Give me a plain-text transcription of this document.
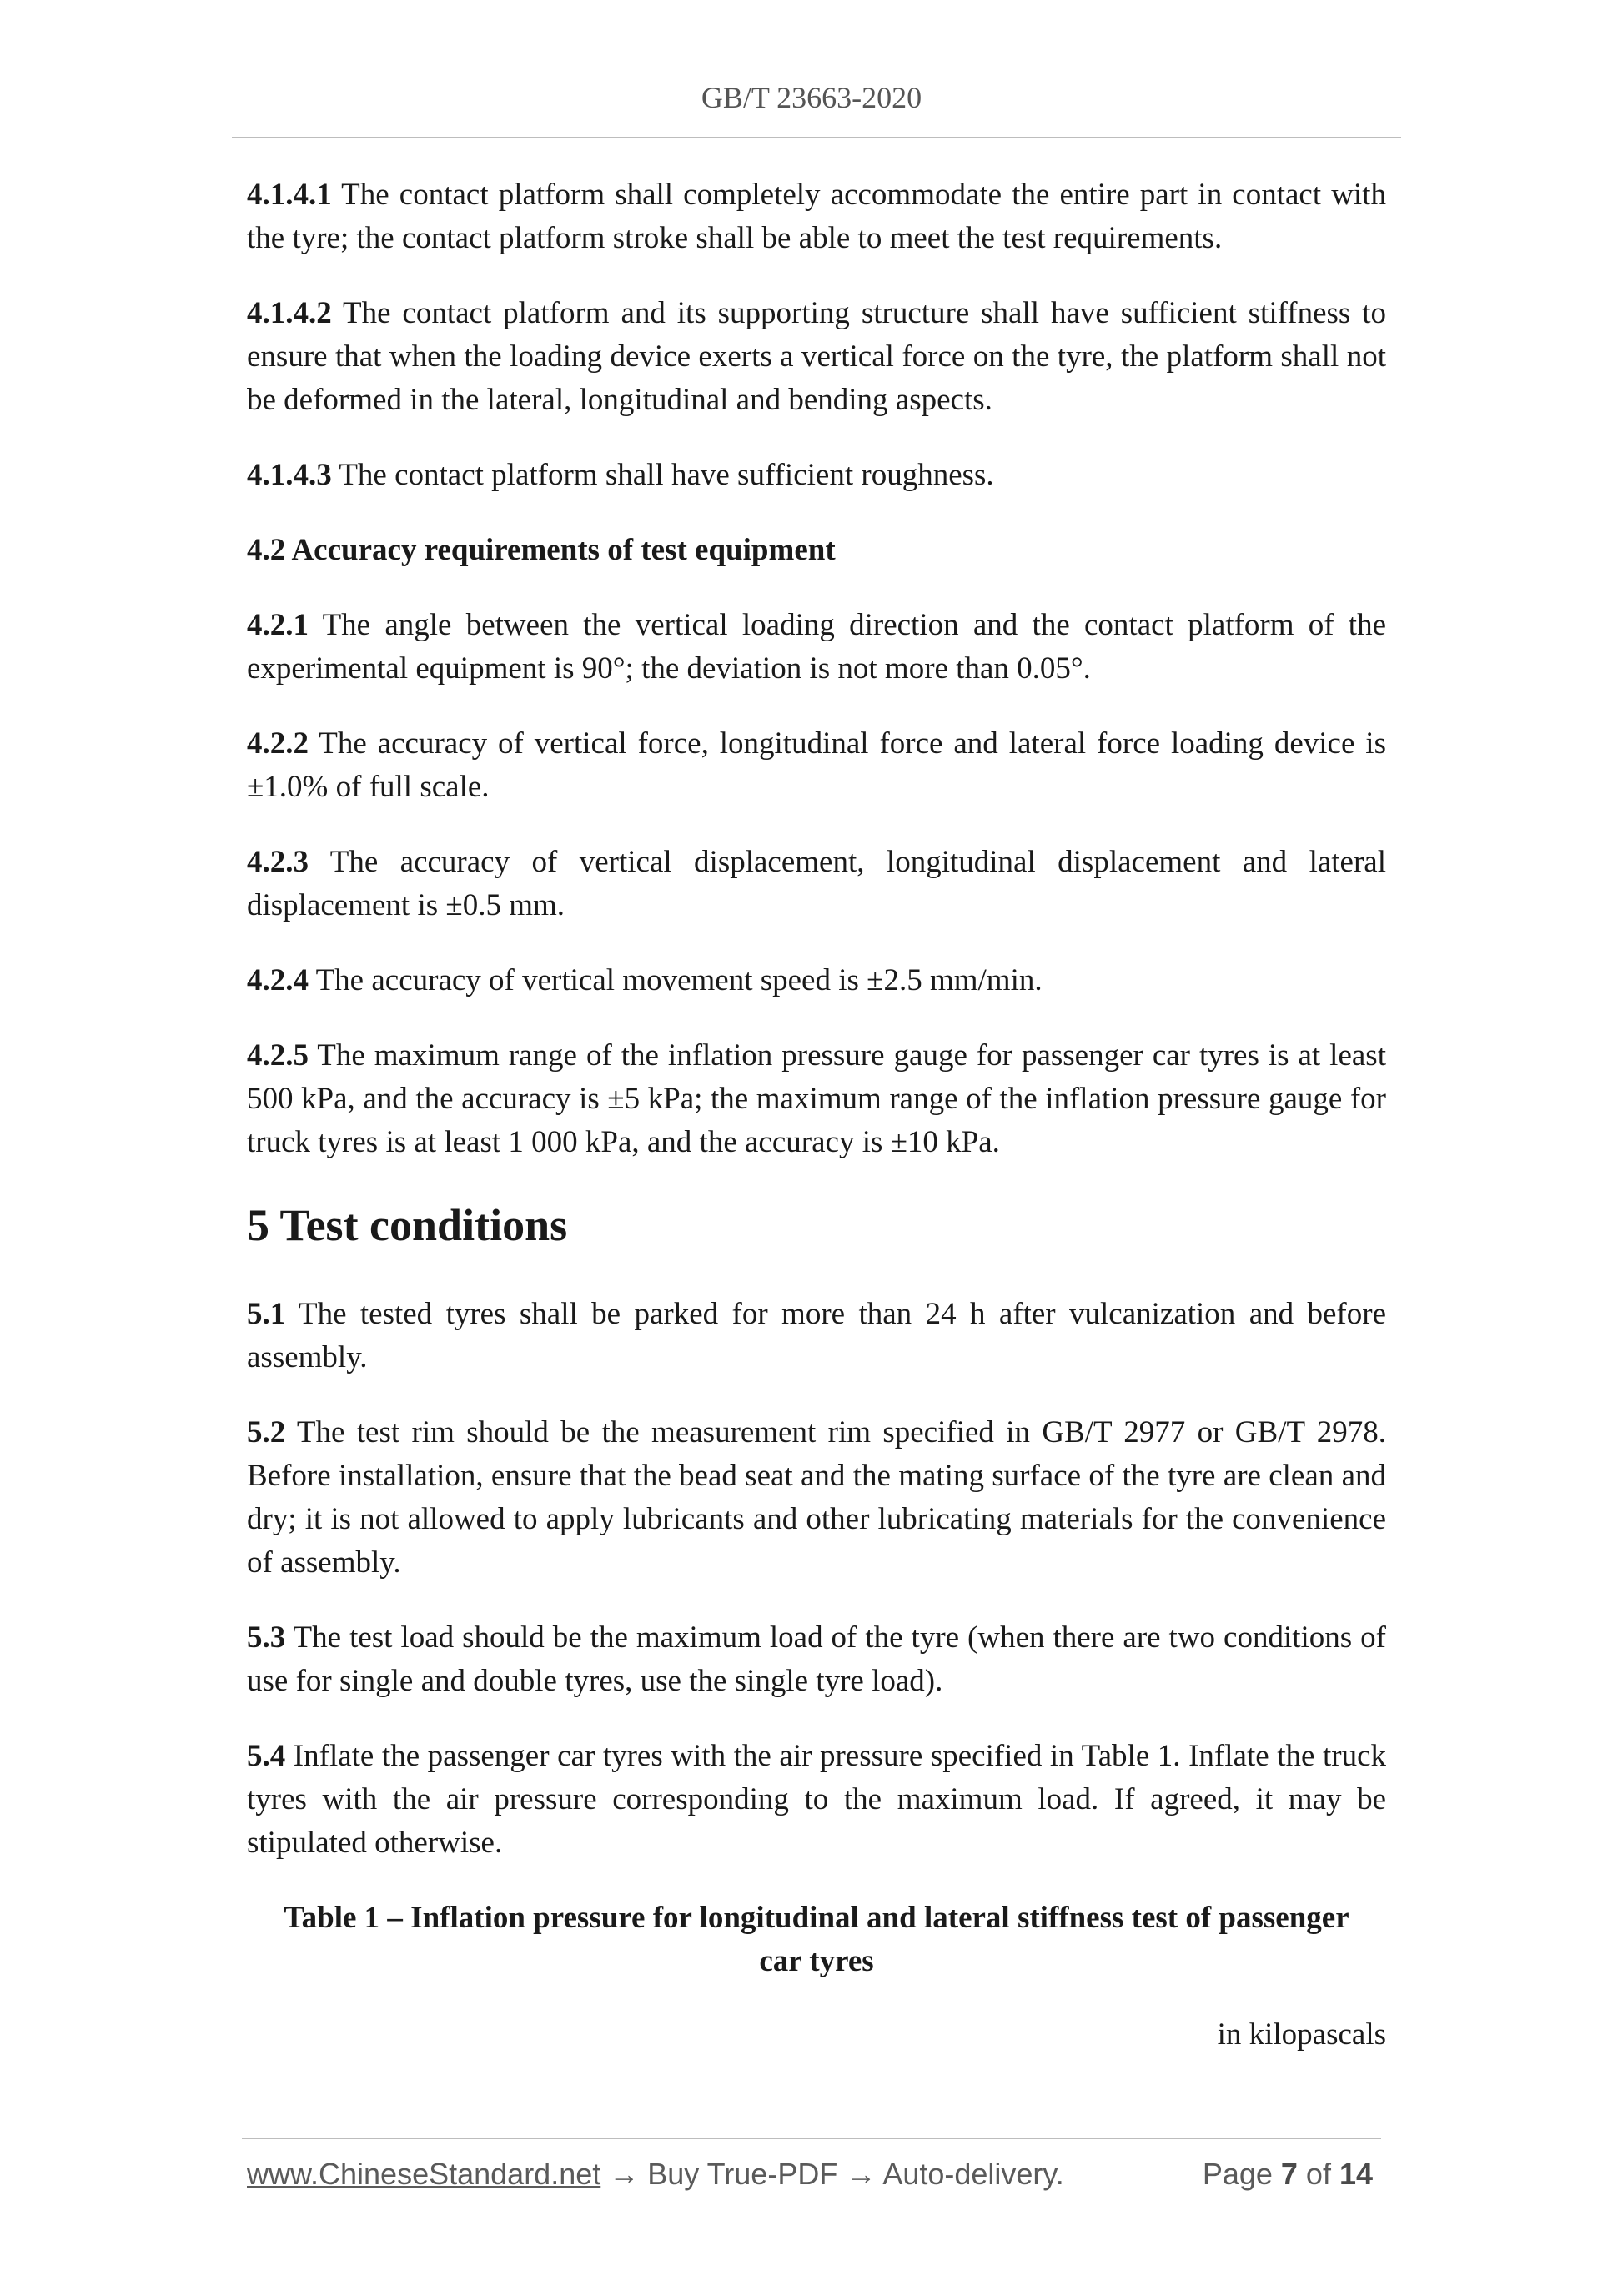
GB/T 23663-2020

4.1.4.1 The contact platform shall completely accommodate the entire part in contact with the tyre; the contact platform stroke shall be able to meet the test requirements.

4.1.4.2 The contact platform and its supporting structure shall have sufficient stiffness to ensure that when the loading device exerts a vertical force on the tyre, the platform shall not be deformed in the lateral, longitudinal and bending aspects.

4.1.4.3 The contact platform shall have sufficient roughness.

4.2 Accuracy requirements of test equipment

4.2.1 The angle between the vertical loading direction and the contact platform of the experimental equipment is 90°; the deviation is not more than 0.05°.

4.2.2 The accuracy of vertical force, longitudinal force and lateral force loading device is ±1.0% of full scale.

4.2.3 The accuracy of vertical displacement, longitudinal displacement and lateral displacement is ±0.5 mm.

4.2.4 The accuracy of vertical movement speed is ±2.5 mm/min.

4.2.5 The maximum range of the inflation pressure gauge for passenger car tyres is at least 500 kPa, and the accuracy is ±5 kPa; the maximum range of the inflation pressure gauge for truck tyres is at least 1 000 kPa, and the accuracy is ±10 kPa.

5 Test conditions

5.1 The tested tyres shall be parked for more than 24 h after vulcanization and before assembly.

5.2 The test rim should be the measurement rim specified in GB/T 2977 or GB/T 2978. Before installation, ensure that the bead seat and the mating surface of the tyre are clean and dry; it is not allowed to apply lubricants and other lubricating materials for the convenience of assembly.

5.3 The test load should be the maximum load of the tyre (when there are two conditions of use for single and double tyres, use the single tyre load).

5.4 Inflate the passenger car tyres with the air pressure specified in Table 1. Inflate the truck tyres with the air pressure corresponding to the maximum load. If agreed, it may be stipulated otherwise.

Table 1 – Inflation pressure for longitudinal and lateral stiffness test of passenger
car tyres

in kilopascals

www.ChineseStandard.net → Buy True-PDF → Auto-delivery.	Page 7 of 14
